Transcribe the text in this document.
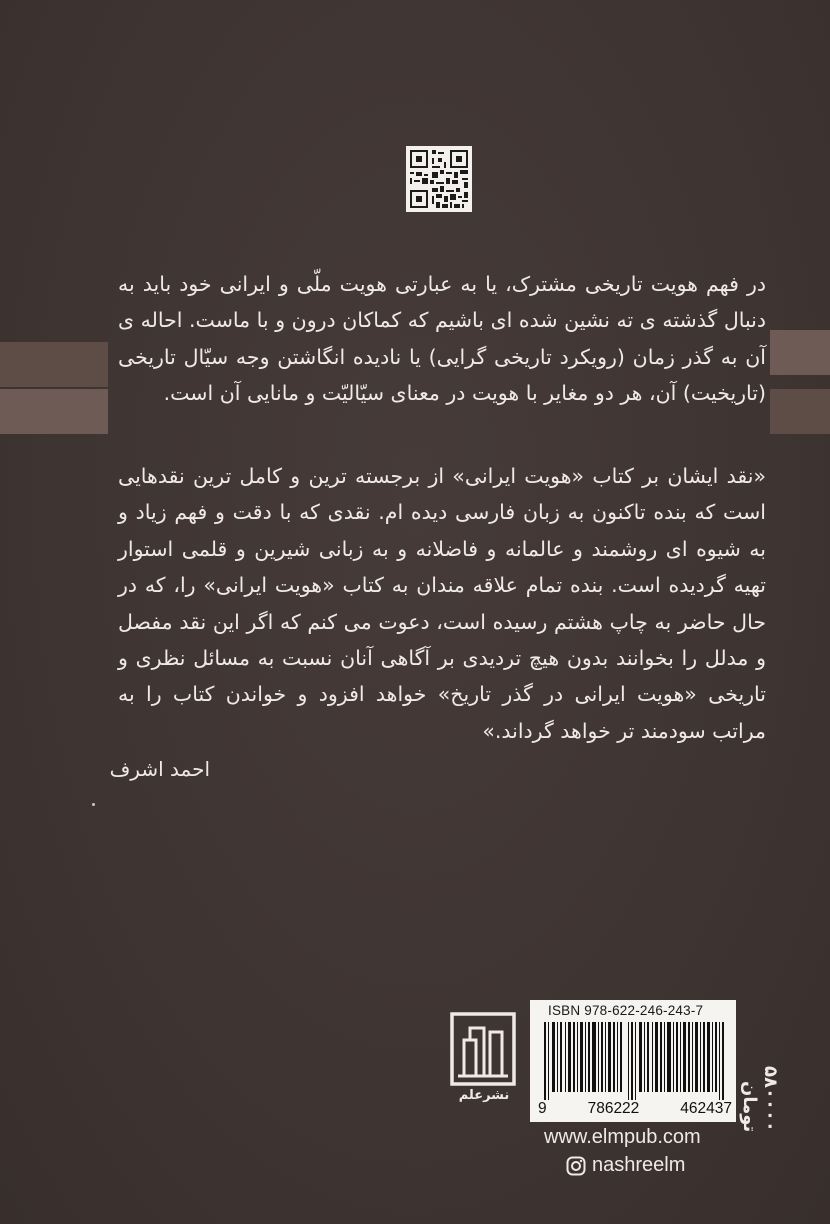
در فهم هویت تاریخی مشترک، یا به عبارتی هویت ملّی و ایرانی خود باید به دنبال گذشته ی ته نشین شده ای باشیم که کماکان درون و با ماست. احاله ی آن به گذر زمان (رویکرد تاریخی گرایی) یا نادیده انگاشتن وجه سیّال تاریخی (تاریخیت) آن، هر دو مغایر با هویت در معنای سیّالیّت و مانایی آن است.
«نقد ایشان بر کتاب «هویت ایرانی» از برجسته ترین و کامل ترین نقدهایی است که بنده تاکنون به زبان فارسی دیده ام. نقدی که با دقت و فهم زیاد و به شیوه ای روشمند و عالمانه و فاضلانه و به زبانی شیرین و قلمی استوار تهیه گردیده است. بنده تمام علاقه مندان به کتاب «هویت ایرانی» را، که در حال حاضر به چاپ هشتم رسیده است، دعوت می کنم که اگر این نقد مفصل و مدلل را بخوانند بدون هیچ تردیدی بر آگاهی آنان نسبت به مسائل نظری و تاریخی «هویت ایرانی در گذر تاریخ» خواهد افزود و خواندن کتاب را به مراتب سودمند تر خواهد گرداند.»
احمد اشرف
نشرعلم
ISBN 978-622-246-243-7
9	786222	462437	۵۸۰۰۰۰ تومان
www.elmpub.com
nashreelm
